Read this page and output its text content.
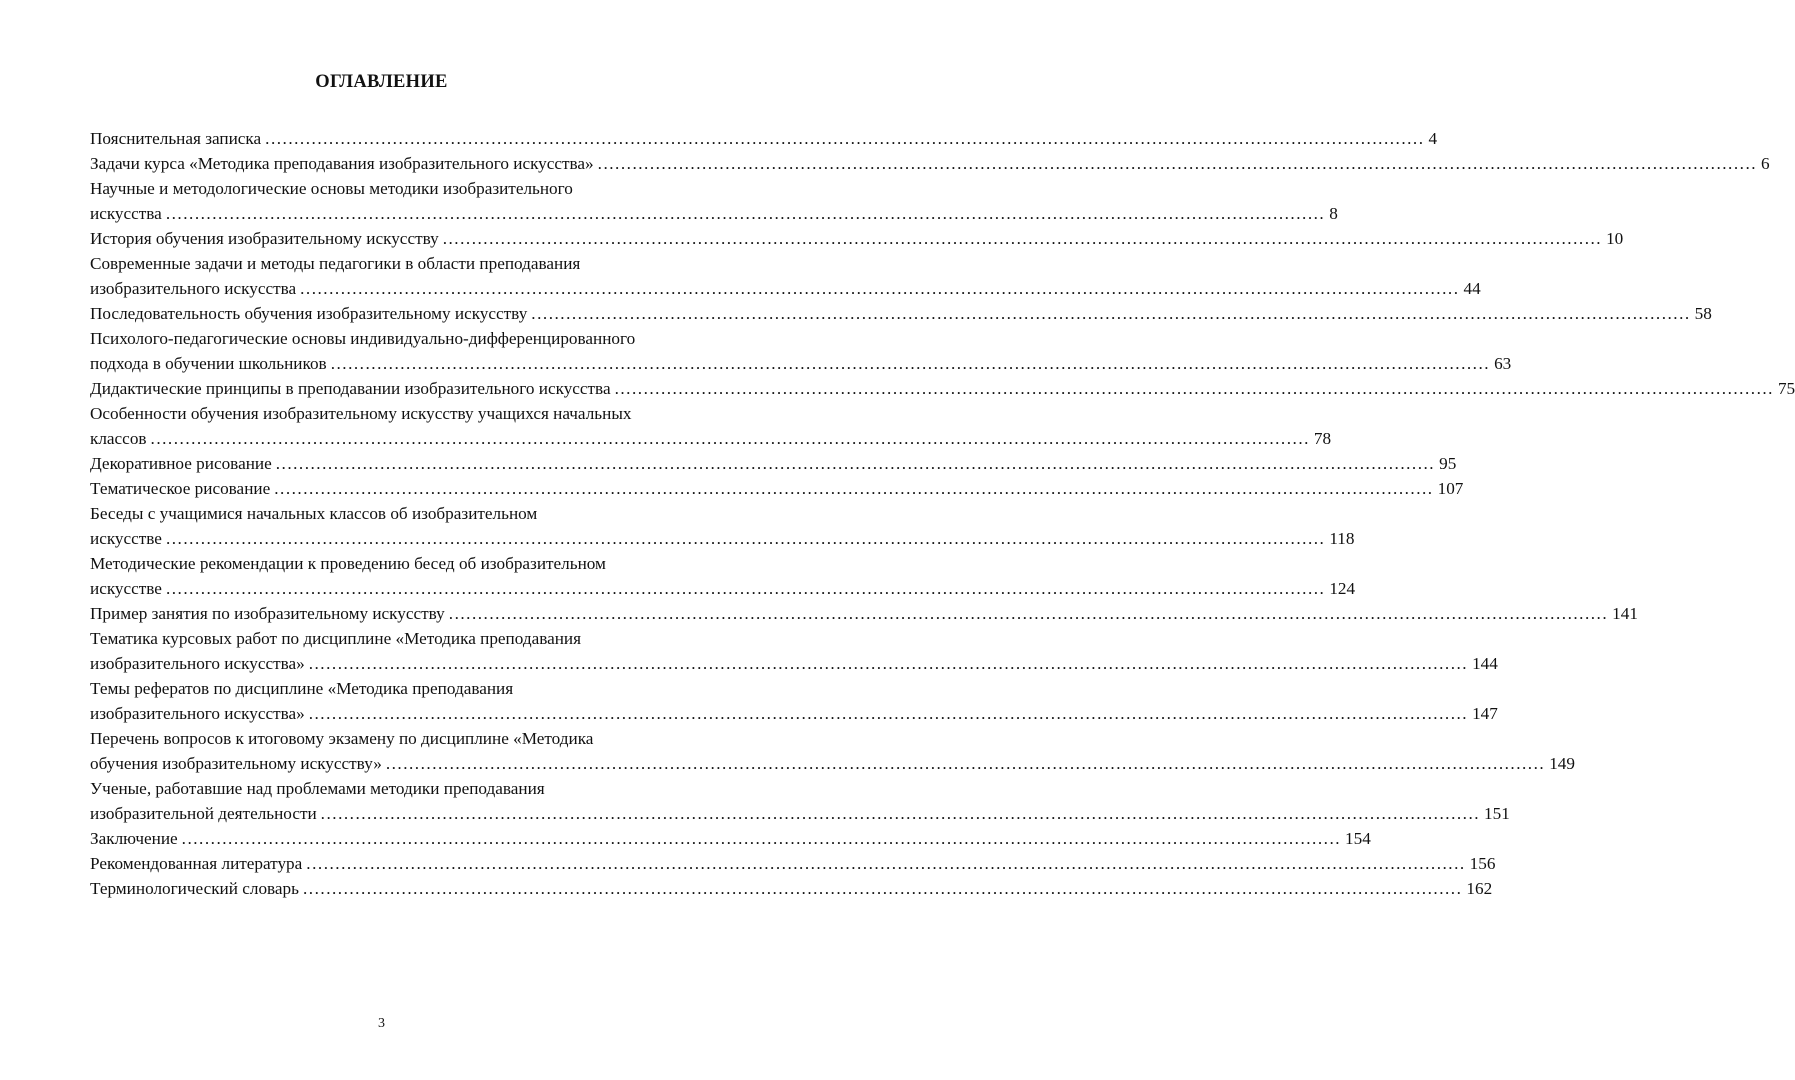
ОГЛАВЛЕНИЕ
Пояснительная записка ........................................................................................................................................................................................................ 4
Задачи курса «Методика преподавания изобразительного искусства» ........................................................................................................................................................................................................ 6
Научные и методологические основы методики изобразительного
искусства ........................................................................................................................................................................................................ 8
История обучения изобразительному искусству ........................................................................................................................................................................................................ 10
Современные задачи и методы педагогики в области преподавания
изобразительного искусства ........................................................................................................................................................................................................ 44
Последовательность обучения изобразительному искусству ........................................................................................................................................................................................................ 58
Психолого-педагогические основы индивидуально-дифференцированного
подхода в обучении школьников ........................................................................................................................................................................................................ 63
Дидактические принципы в преподавании изобразительного искусства ........................................................................................................................................................................................................ 75
Особенности обучения изобразительному искусству учащихся начальных
классов ........................................................................................................................................................................................................ 78
Декоративное рисование ........................................................................................................................................................................................................ 95
Тематическое рисование ........................................................................................................................................................................................................ 107
Беседы с учащимися начальных классов об изобразительном
искусстве ........................................................................................................................................................................................................ 118
Методические рекомендации к проведению бесед об изобразительном
искусстве ........................................................................................................................................................................................................ 124
Пример занятия по изобразительному искусству ........................................................................................................................................................................................................ 141
Тематика курсовых работ по дисциплине «Методика преподавания
изобразительного искусства» ........................................................................................................................................................................................................ 144
Темы рефератов по дисциплине «Методика преподавания
изобразительного искусства» ........................................................................................................................................................................................................ 147
Перечень вопросов к итоговому экзамену по дисциплине «Методика
обучения изобразительному искусству» ........................................................................................................................................................................................................ 149
Ученые, работавшие над проблемами методики преподавания
изобразительной деятельности ........................................................................................................................................................................................................ 151
Заключение ........................................................................................................................................................................................................ 154
Рекомендованная литература ........................................................................................................................................................................................................ 156
Терминологический словарь ........................................................................................................................................................................................................ 162
3
